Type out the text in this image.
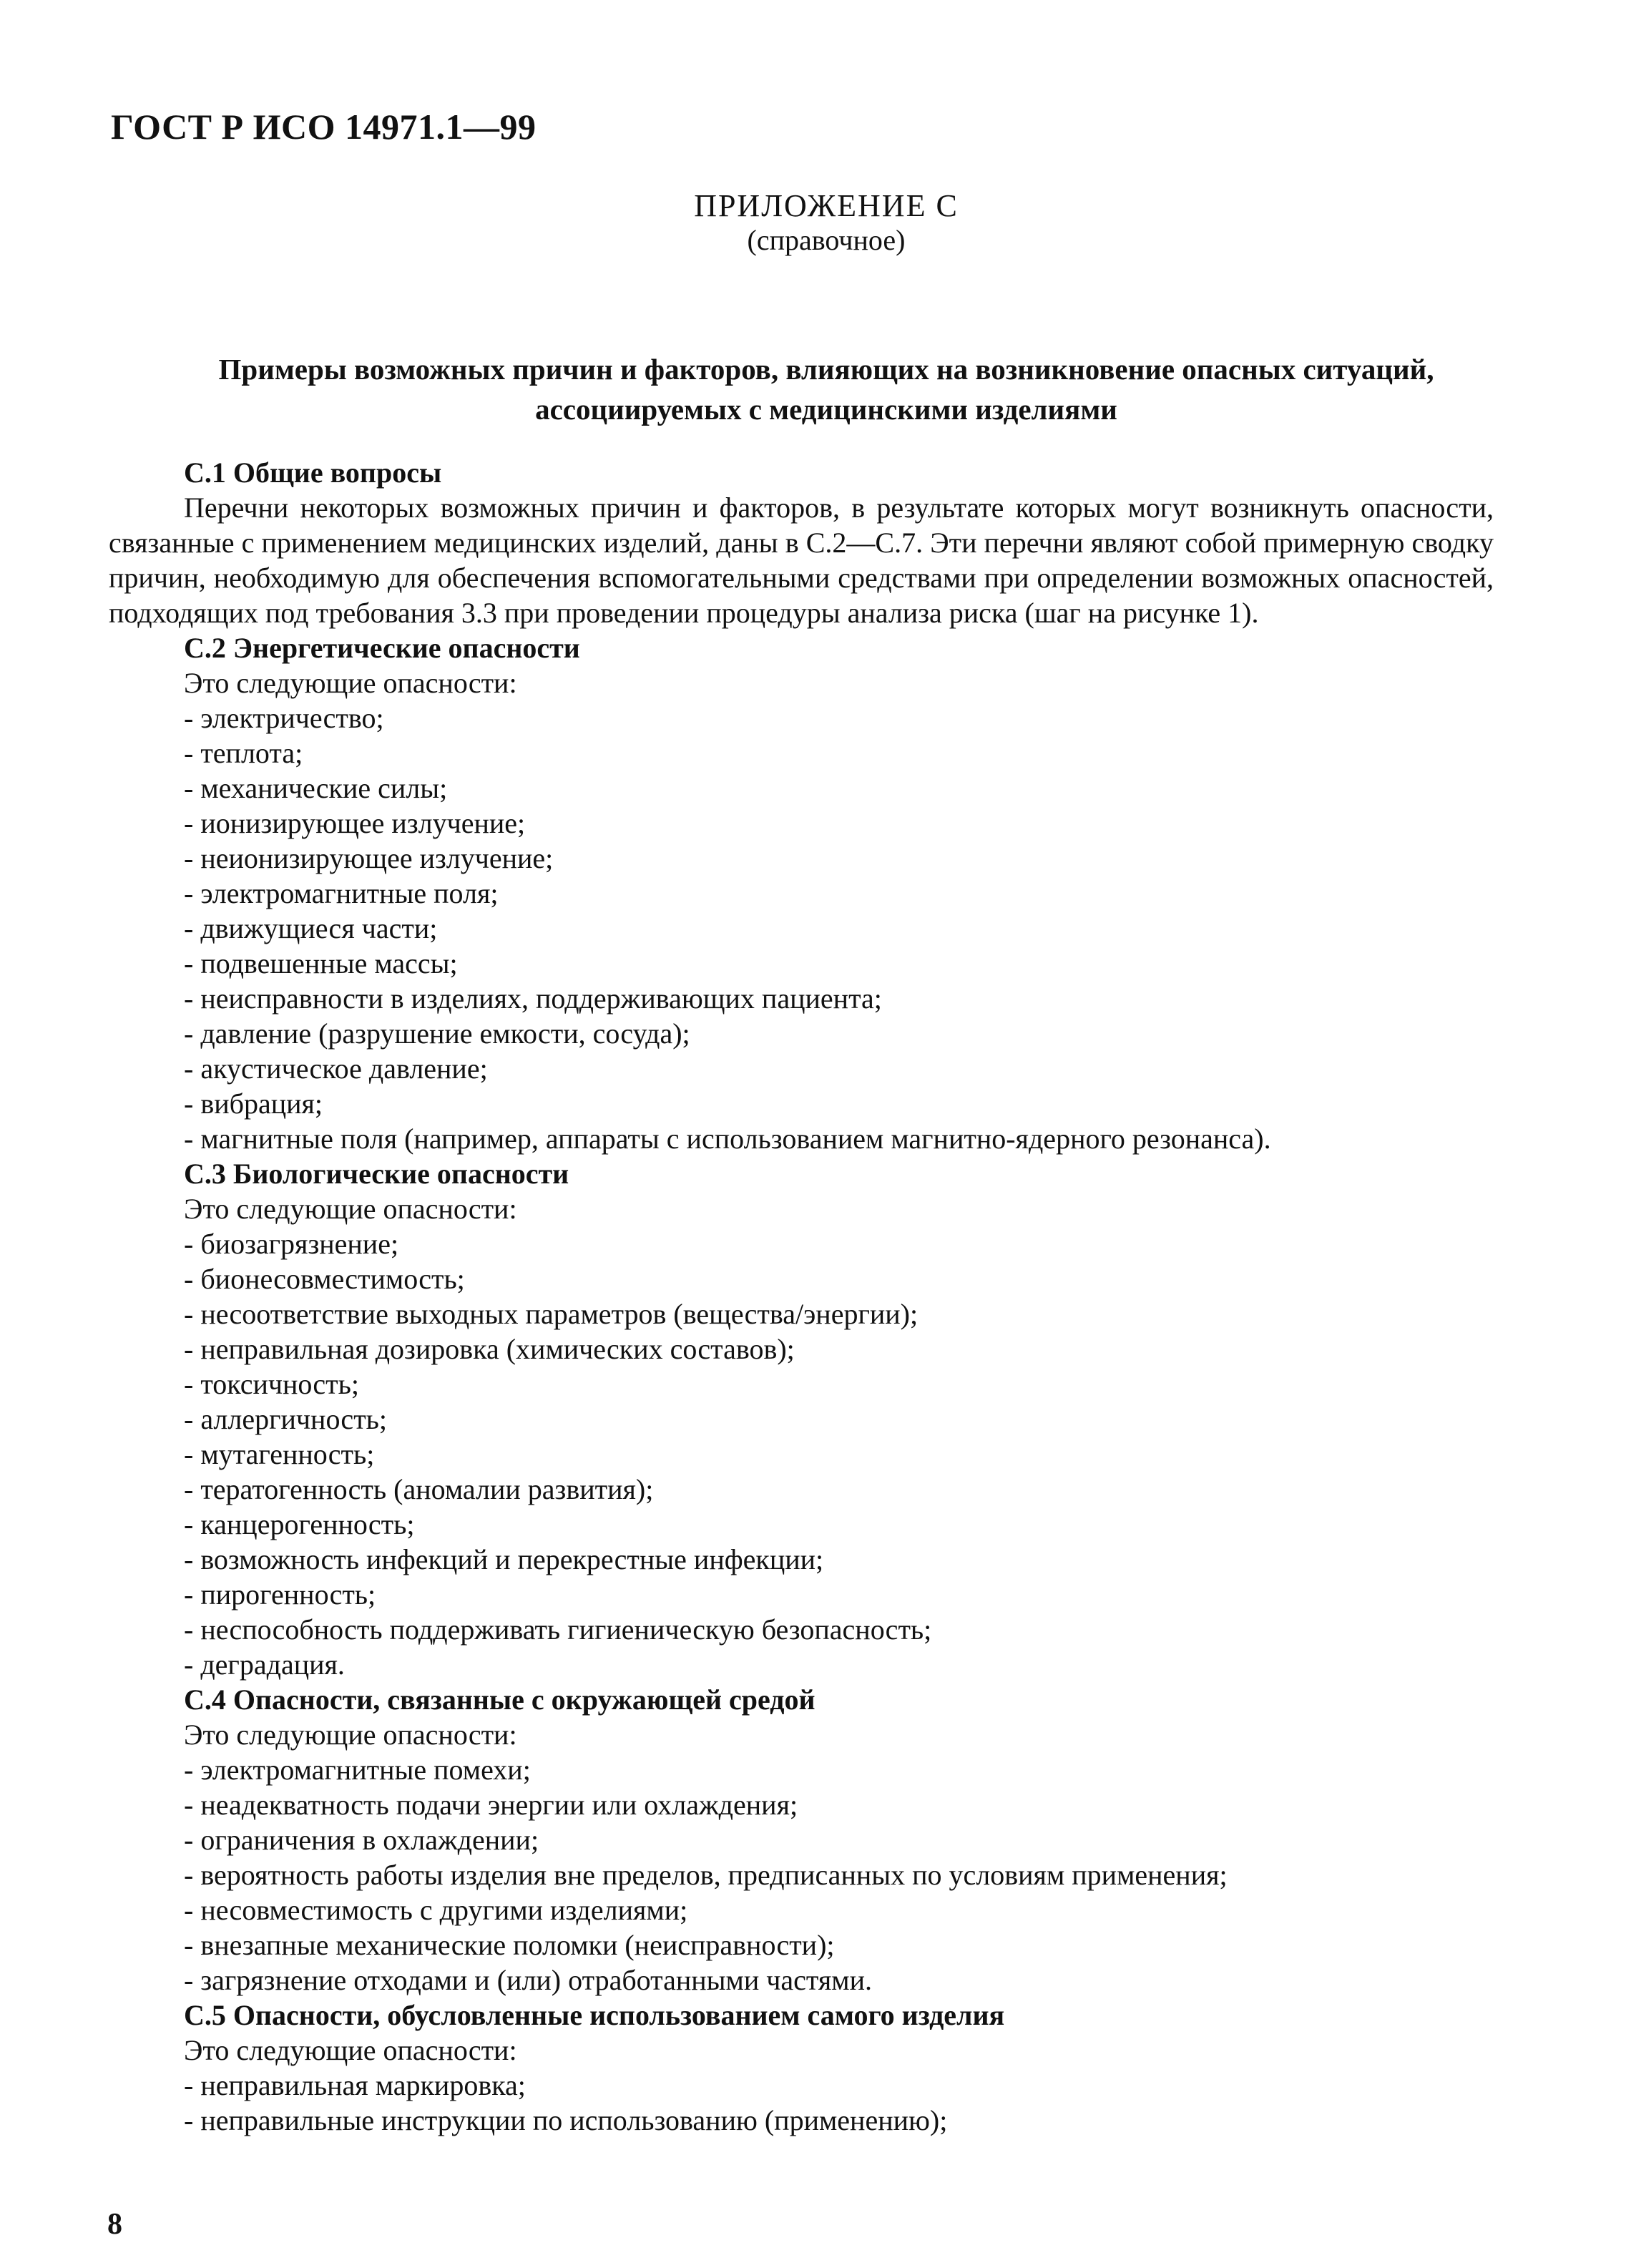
ГОСТ Р ИСО 14971.1—99
ПРИЛОЖЕНИЕ С
(справочное)
Примеры возможных причин и факторов, влияющих на возникновение опасных ситуаций,
ассоциируемых с медицинскими изделиями

С.1 Общие вопросы

Перечни некоторых возможных причин и факторов, в результате которых могут возникнуть опасности, связанные с применением медицинских изделий, даны в С.2—С.7. Эти перечни являют собой примерную сводку причин, необходимую для обеспечения вспомогательными средствами при определении возможных опасностей, подходящих под требования 3.3 при проведении процедуры анализа риска (шаг на рисунке 1).

С.2 Энергетические опасности

Это следующие опасности:

- электричество;

- теплота;

- механические силы;

- ионизирующее излучение;

- неионизирующее излучение;

- электромагнитные поля;

- движущиеся части;

- подвешенные массы;

- неисправности в изделиях, поддерживающих пациента;

- давление (разрушение емкости, сосуда);

- акустическое давление;

- вибрация;

- магнитные поля (например, аппараты с использованием магнитно-ядерного резонанса).

С.3 Биологические опасности

Это следующие опасности:

- биозагрязнение;

- бионесовместимость;

- несоответствие выходных параметров (вещества/энергии);

- неправильная дозировка (химических составов);

- токсичность;

- аллергичность;

- мутагенность;

- тератогенность (аномалии развития);

- канцерогенность;

- возможность инфекций и перекрестные инфекции;

- пирогенность;

- неспособность поддерживать гигиеническую безопасность;

- деградация.

С.4 Опасности, связанные с окружающей средой

Это следующие опасности:

- электромагнитные помехи;

- неадекватность подачи энергии или охлаждения;

- ограничения в охлаждении;

- вероятность работы изделия вне пределов, предписанных по условиям применения;

- несовместимость с другими изделиями;

- внезапные механические поломки (неисправности);

- загрязнение отходами и (или) отработанными частями.

С.5 Опасности, обусловленные использованием самого изделия

Это следующие опасности:

- неправильная маркировка;

- неправильные инструкции по использованию (применению);

8
